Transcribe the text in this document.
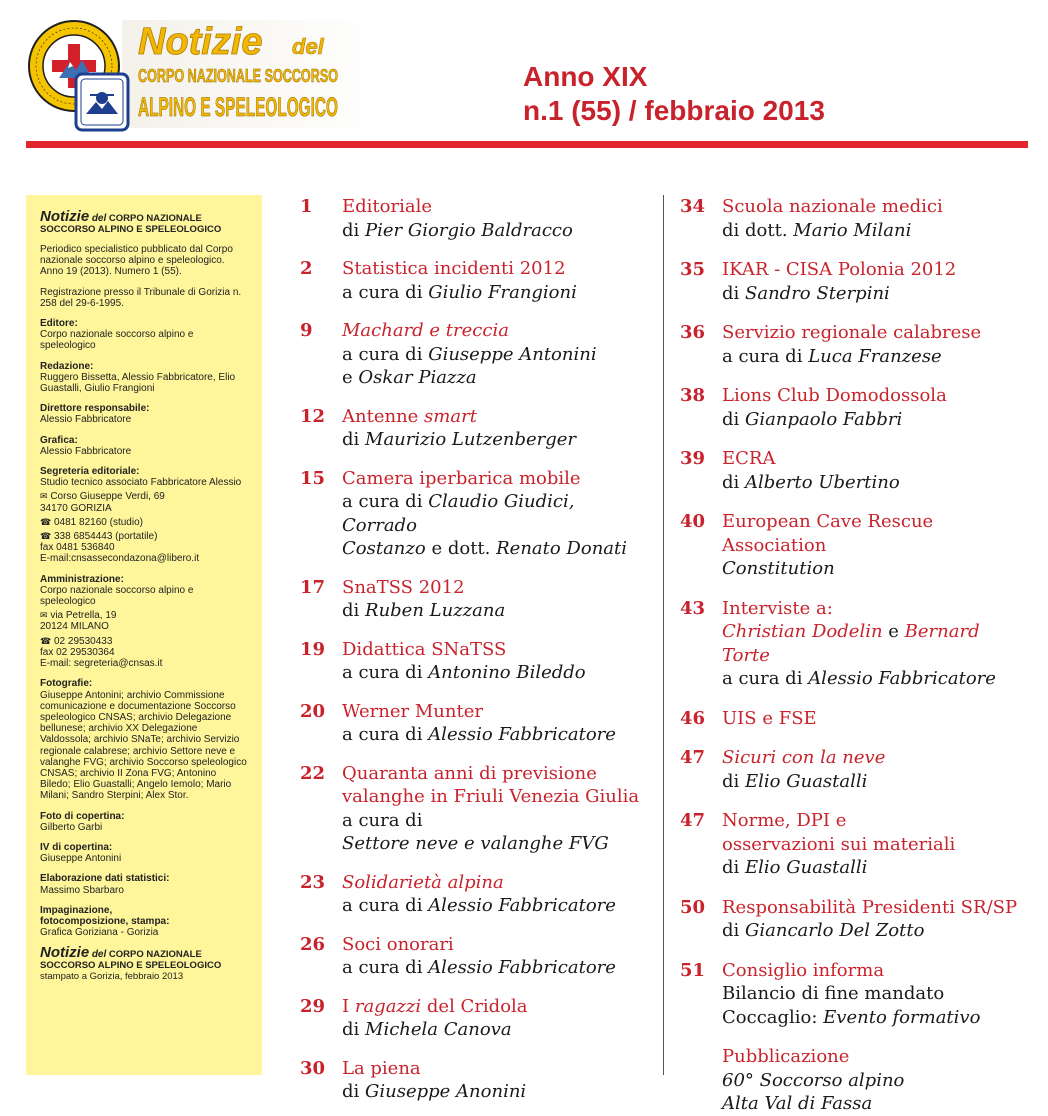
Notizie del
CORPO NAZIONALE SOCCORSO
ALPINO E SPELEOLOGICO
Anno XIX
n.1 (55) / febbraio 2013
Notizie del CORPO NAZIONALE
SOCCORSO ALPINO E SPELEOLOGICO
Periodico specialistico pubblicato dal Corpo nazionale soccorso alpino e speleologico. Anno 19 (2013). Numero 1 (55).
Registrazione presso il Tribunale di Gorizia n. 258 del 29-6-1995.
Editore:
Corpo nazionale soccorso alpino e speleologico
Redazione:
Ruggero Bissetta, Alessio Fabbricatore, Elio Guastalli, Giulio Frangioni
Direttore responsabile:
Alessio Fabbricatore
Grafica:
Alessio Fabbricatore
Segreteria editoriale:
Studio tecnico associato Fabbricatore Alessio
✉ Corso Giuseppe Verdi, 69
34170 GORIZIA
☎ 0481 82160 (studio)
☎ 338 6854443 (portatile)
fax 0481 536840
E-mail:cnsassecondazona@libero.it
Amministrazione:
Corpo nazionale soccorso alpino e speleologico
✉ via Petrella, 19
20124 MILANO
☎ 02 29530433
fax 02 29530364
E-mail: segreteria@cnsas.it
Fotografie:
Giuseppe Antonini; archivio Commissione comunicazione e documentazione Soccorso speleologico CNSAS; archivio Delegazione bellunese; archivio XX Delegazione Valdossola; archivio SNaTe; archivio Servizio regionale calabrese; archivio Settore neve e valanghe FVG; archivio Soccorso speleologico CNSAS; archivio II Zona FVG; Antonino Biledo; Elio Guastalli; Angelo Iemolo; Mario Milani; Sandro Sterpini; Alex Stor.
Foto di copertina:
Gilberto Garbi
IV di copertina:
Giuseppe Antonini
Elaborazione dati statistici:
Massimo Sbarbaro
Impaginazione,
fotocomposizione, stampa:
Grafica Goriziana - Gorizia
Notizie del CORPO NAZIONALE
SOCCORSO ALPINO E SPELEOLOGICO
stampato a Gorizia, febbraio 2013
1	Editoriale
di Pier Giorgio Baldracco
2	Statistica incidenti 2012
a cura di Giulio Frangioni
9	Machard e treccia
a cura di Giuseppe Antonini
e Oskar Piazza
12 Antenne smart
di Maurizio Lutzenberger
15 Camera iperbarica mobile
a cura di Claudio Giudici, Corrado
Costanzo e dott. Renato Donati
17 SnaTSS 2012
di Ruben Luzzana
19 Didattica SNaTSS
a cura di Antonino Bileddo
20 Werner Munter
a cura di Alessio Fabbricatore
22 Quaranta anni di previsione
valanghe in Friuli Venezia Giulia
a cura di
Settore neve e valanghe FVG
23 Solidarietà alpina
a cura di Alessio Fabbricatore
26 Soci onorari
a cura di Alessio Fabbricatore
29 I ragazzi del Cridola
di Michela Canova
30 La piena
di Giuseppe Anonini
34 Scuola nazionale medici
di dott. Mario Milani
35 IKAR - CISA Polonia 2012
di Sandro Sterpini
36 Servizio regionale calabrese
a cura di Luca Franzese
38 Lions Club Domodossola
di Gianpaolo Fabbri
39 ECRA
di Alberto Ubertino
40 European Cave Rescue Association
Constitution
43 Interviste a:
Christian Dodelin e Bernard Torte
a cura di Alessio Fabbricatore
46 UIS e FSE
47 Sicuri con la neve
di Elio Guastalli
47 Norme, DPI e
osservazioni sui materiali
di Elio Guastalli
50 Responsabilità Presidenti SR/SP
di Giancarlo Del Zotto
51 Consiglio informa
Bilancio di fine mandato
Coccaglio: Evento formativo
Pubblicazione
60° Soccorso alpino
Alta Val di Fassa
